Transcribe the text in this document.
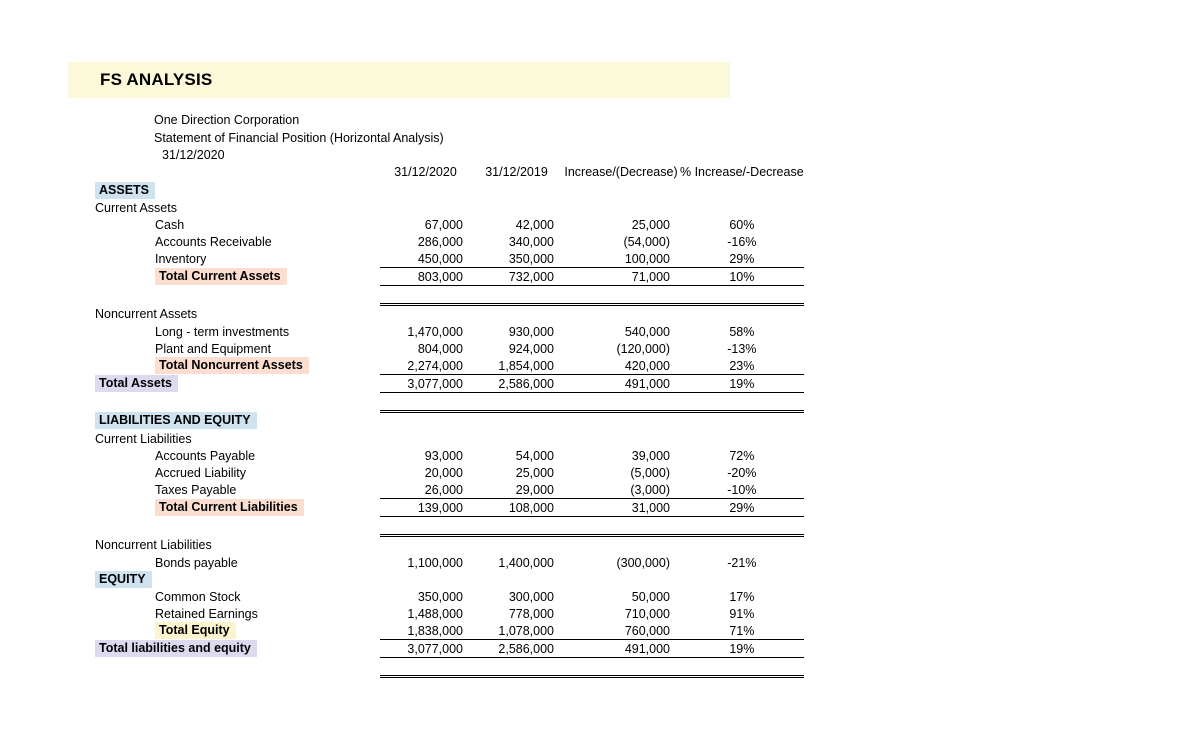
FS ANALYSIS
One Direction Corporation
Statement of Financial Position (Horizontal Analysis)
31/12/2020
	31/12/2020	31/12/2019	Increase/(Decrease)	% Increase/-Decrease
ASSETS				
Current Assets				
Cash	67,000	42,000	25,000	60%
Accounts Receivable	286,000	340,000	(54,000)	-16%
Inventory	450,000	350,000	100,000	29%
Total Current Assets	803,000	732,000	71,000	10%

Noncurrent Assets				
Long - term investments	1,470,000	930,000	540,000	58%
Plant and Equipment	804,000	924,000	(120,000)	-13%
Total Noncurrent Assets	2,274,000	1,854,000	420,000	23%
Total Assets	3,077,000	2,586,000	491,000	19%

LIABILITIES AND EQUITY				
Current Liabilities				
Accounts Payable	93,000	54,000	39,000	72%
Accrued Liability	20,000	25,000	(5,000)	-20%
Taxes Payable	26,000	29,000	(3,000)	-10%
Total Current Liabilities	139,000	108,000	31,000	29%

Noncurrent Liabilities				
Bonds payable	1,100,000	1,400,000	(300,000)	-21%
EQUITY				
Common Stock	350,000	300,000	50,000	17%
Retained Earnings	1,488,000	778,000	710,000	91%
Total Equity	1,838,000	1,078,000	760,000	71%
Total liabilities and equity	3,077,000	2,586,000	491,000	19%
